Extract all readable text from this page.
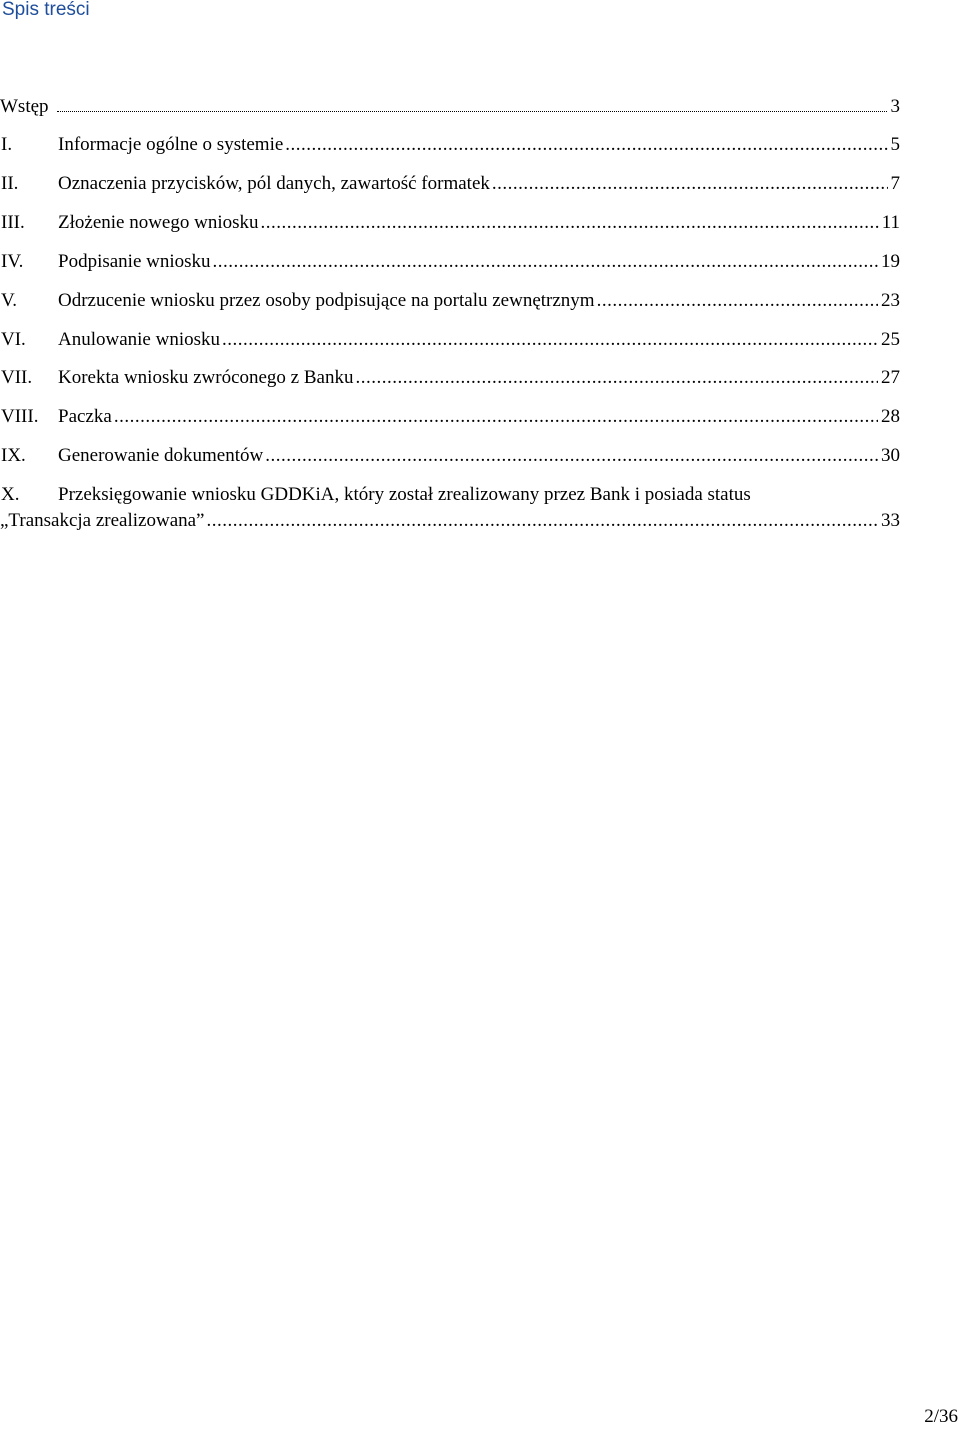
Spis treści
Wstęp	3
I. Informacje ogólne o systemie .....	5
II. Oznaczenia przycisków, pól danych, zawartość formatek .....	7
III. Złożenie nowego wniosku .....	11
IV. Podpisanie wniosku .....	19
V. Odrzucenie wniosku przez osoby podpisujące na portalu zewnętrznym .....	23
VI. Anulowanie wniosku .....	25
VII. Korekta wniosku zwróconego z Banku .....	27
VIII. Paczka .....	28
IX. Generowanie dokumentów .....	30
X. Przeksięgowanie wniosku GDDKiA, który został zrealizowany przez Bank i posiada status
„Transakcja zrealizowana” .....	33
2/36
